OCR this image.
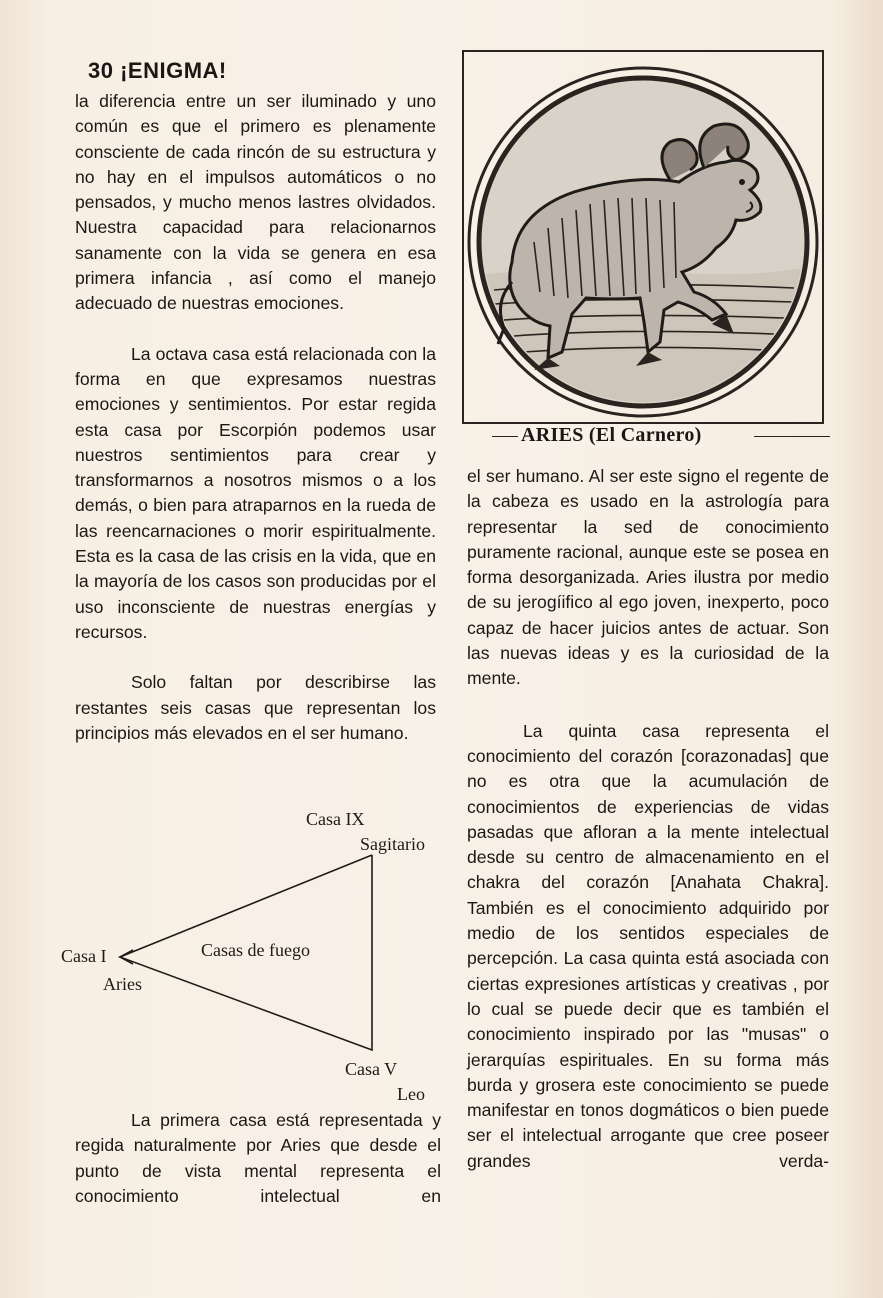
30 ¡ENIGMA!

la diferencia entre un ser iluminado y uno común es que el primero es plenamente consciente de cada rincón de su estructura y no hay en el impulsos automáticos o no pensados, y mucho menos lastres olvidados. Nuestra capacidad para relacionarnos sanamente con la vida se genera en esa primera infancia , así como el manejo adecuado de nuestras emociones.

La octava casa está relacionada con la forma en que expresamos nuestras emociones y sentimientos. Por estar regida esta casa por Escorpión podemos usar nuestros sentimientos para crear y transformarnos a nosotros mismos o a los demás, o bien para atraparnos en la rueda de las reencarnaciones o morir espiritualmente. Esta es la casa de las crisis en la vida, que en la mayoría de los casos son producidas por el uso inconsciente de nuestras energías y recursos.

Solo faltan por describirse las restantes seis casas que representan los principios más elevados en el ser humano.

Casa IX
Sagitario
Casa I
Aries
Casas de fuego
Casa V
Leo

La primera casa está representada y regida naturalmente por Aries que desde el punto de vista mental representa el conocimiento intelectual en

ARIES (El Carnero)

el ser humano. Al ser este signo el regente de la cabeza es usado en la astrología para representar la sed de conocimiento puramente racional, aunque este se posea en forma desorganizada. Aries ilustra por medio de su jerogíifico al ego joven, inexperto, poco capaz de hacer juicios antes de actuar. Son las nuevas ideas y es la curiosidad de la mente.

La quinta casa representa el conocimiento del corazón [corazonadas] que no es otra que la acumulación de conocimientos de experiencias de vidas pasadas que afloran a la mente intelectual desde su centro de almacenamiento en el chakra del corazón [Anahata Chakra]. También es el conocimiento adquirido por medio de los sentidos especiales de percepción. La casa quinta está asociada con ciertas expresiones artísticas y creativas , por lo cual se puede decir que es también el conocimiento inspirado por las "musas" o jerarquías espirituales. En su forma más burda y grosera este conocimiento se puede manifestar en tonos dogmáticos o bien puede ser el intelectual arrogante que cree poseer grandes verda-
